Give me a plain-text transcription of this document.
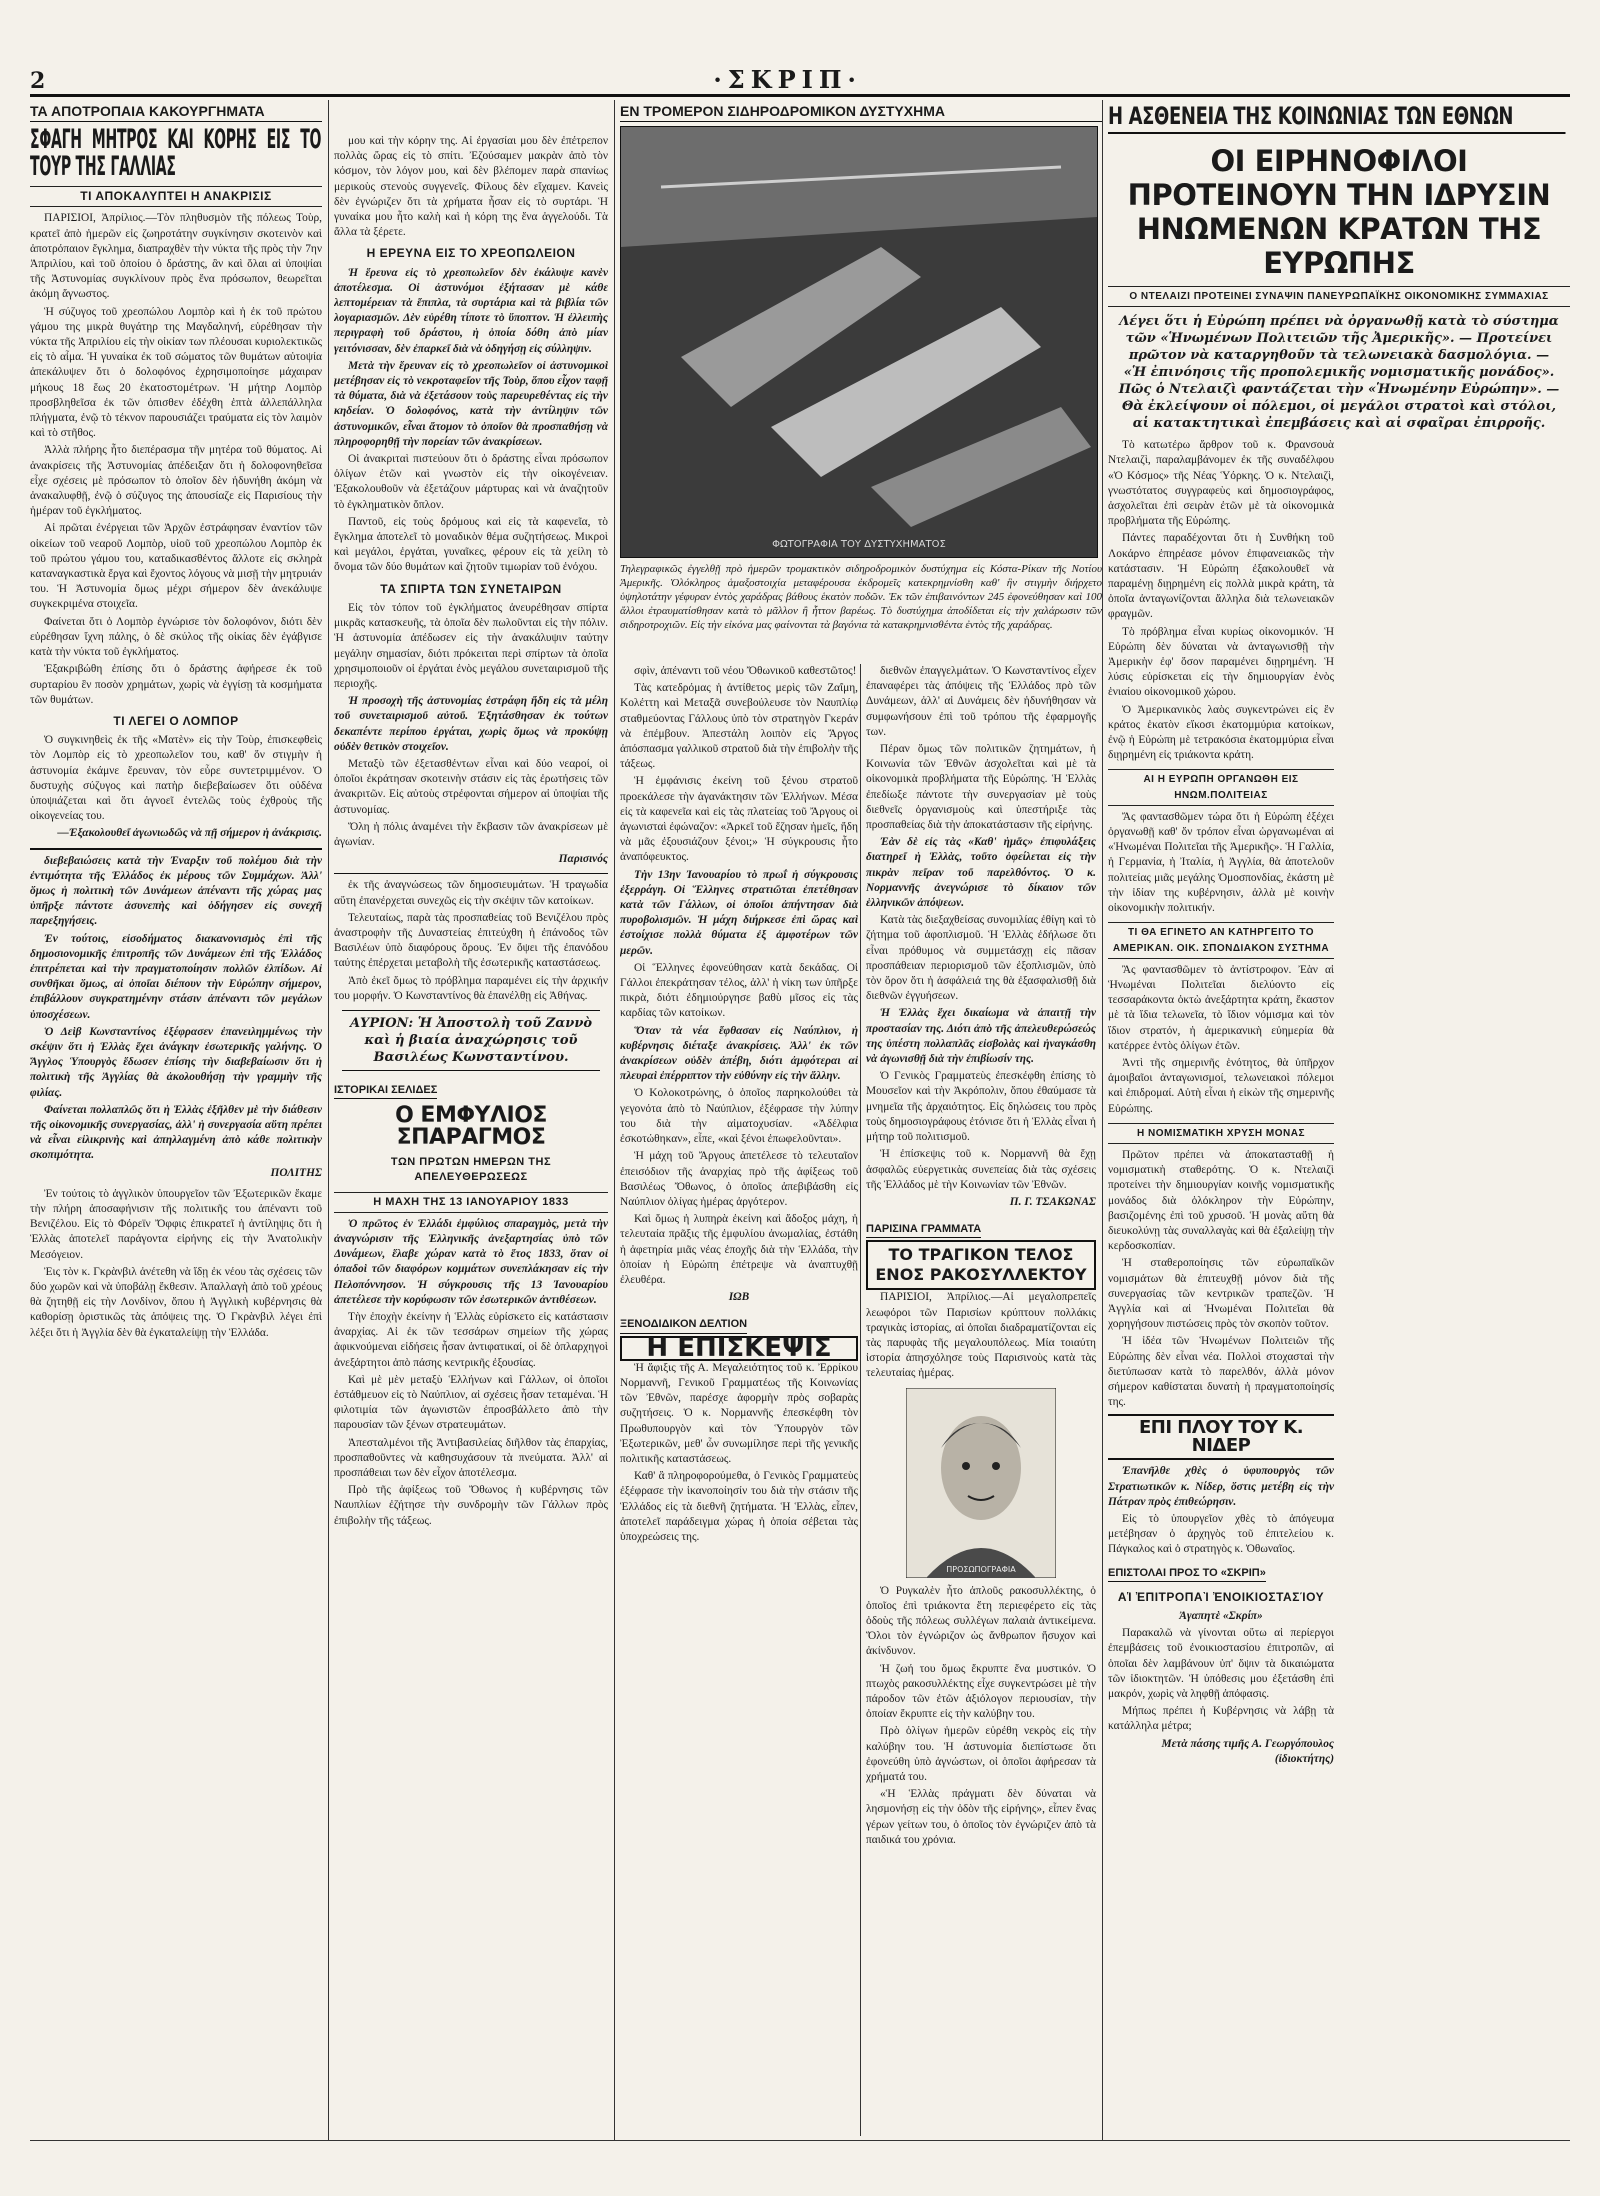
2	·ΣΚΡΙΠ·
ΤΑ ΑΠΟΤΡΟΠΑΙΑ ΚΑΚΟΥΡΓΗΜΑΤΑ
ΣΦΑΓΗ ΜΗΤΡΟΣ ΚΑΙ ΚΟΡΗΣ ΕΙΣ ΤΟ ΤΟΥΡ ΤΗΣ ΓΑΛΛΙΑΣ
ΤΙ ΑΠΟΚΑΛΥΠΤΕΙ Η ΑΝΑΚΡΙΣΙΣ

ΠΑΡΙΣΙΟΙ, Ἀπρίλιος.—Τὸν πληθυσμὸν τῆς πόλεως Τοὺρ, κρατεῖ ἀπὸ ἡμερῶν εἰς ζωηροτάτην συγκίνησιν σκοτεινὸν καὶ ἀποτρόπαιον ἔγκλημα, διαπραχθὲν τὴν νύκτα τῆς πρὸς τὴν 7ην Ἀπριλίου, καὶ τοῦ ὁποίου ὁ δράστης, ἂν καὶ ὅλαι αἱ ὑποψίαι τῆς Ἀστυνομίας συγκλίνουν πρὸς ἕνα πρόσωπον, θεωρεῖται ἀκόμη ἄγνωστος.

Ἡ σύζυγος τοῦ χρεοπώλου Λομπὸρ καὶ ἡ ἐκ τοῦ πρώτου γάμου της μικρὰ θυγάτηρ της Μαγδαληνή, εὑρέθησαν τὴν νύκτα τῆς Ἀπριλίου εἰς τὴν οἰκίαν των πλέουσαι κυριολεκτικῶς εἰς τὸ αἷμα. Ἡ γυναίκα ἐκ τοῦ σώματος τῶν θυμάτων αὐτοψία ἀπεκάλυψεν ὅτι ὁ δολοφόνος ἐχρησιμοποίησε μάχαιραν μήκους 18 ἕως 20 ἑκατοστομέτρων. Ἡ μήτηρ Λομπὸρ προσβληθεῖσα ἐκ τῶν ὀπισθεν ἐδέχθη ἑπτὰ ἀλλεπάλληλα πλήγματα, ἐνῷ τὸ τέκνον παρουσιάζει τραύματα εἰς τὸν λαιμὸν καὶ τὸ στῆθος.

Ἀλλὰ πλήρης ἦτο διεπέρασμα τῆν μητέρα τοῦ θύματος. Αἱ ἀνακρίσεις τῆς Ἀστυνομίας ἀπέδειξαν ὅτι ἡ δολοφονηθεῖσα εἶχε σχέσεις μὲ πρόσωπον τὸ ὁποῖον δὲν ἠδυνήθη ἀκόμη νὰ ἀνακαλυφθῇ, ἐνῷ ὁ σύζυγος της ἀπουσίαζε εἰς Παρισίους τὴν ἡμέραν τοῦ ἐγκλήματος.

Αἱ πρῶται ἐνέργειαι τῶν Ἀρχῶν ἐστράφησαν ἐναντίον τῶν οἰκείων τοῦ νεαροῦ Λομπὸρ, υἱοῦ τοῦ χρεοπώλου Λομπὸρ ἐκ τοῦ πρώτου γάμου του, καταδικασθέντος ἄλλοτε εἰς σκληρὰ καταναγκαστικὰ ἔργα καὶ ἔχοντος λόγους νὰ μισῇ τὴν μητρυιάν του. Ἡ Ἀστυνομία ὅμως μέχρι σήμερον δὲν ἀνεκάλυψε συγκεκριμένα στοιχεῖα.

Φαίνεται ὅτι ὁ Λομπὸρ ἐγνώρισε τὸν δολοφόνον, διότι δὲν εὑρέθησαν ἴχνη πάλης, ὁ δὲ σκύλος τῆς οἰκίας δὲν ἐγάβγισε κατὰ τὴν νύκτα τοῦ ἐγκλήματος.

Ἐξακριβώθη ἐπίσης ὅτι ὁ δράστης ἀφήρεσε ἐκ τοῦ συρταρίου ἓν ποσὸν χρημάτων, χωρὶς νὰ ἐγγίσῃ τὰ κοσμήματα τῶν θυμάτων.

ΤΙ ΛΕΓΕΙ Ο ΛΟΜΠΟΡ

Ὁ συγκινηθεὶς ἐκ τῆς «Ματὲν» εἰς τὴν Τοὺρ, ἐπισκεφθεὶς τὸν Λομπὸρ εἰς τὸ χρεοπωλεῖον του, καθ' ὅν στιγμὴν ἡ ἀστυνομία ἐκάμνε ἔρευναν, τὸν εὗρε συντετριμμένον. Ὁ δυστυχὴς σύζυγος καὶ πατὴρ διεβεβαίωσεν ὅτι οὐδένα ὑποψιάζεται καὶ ὅτι ἀγνοεῖ ἐντελῶς τοὺς ἐχθροὺς τῆς οἰκογενείας του.

—Ἐξακολουθεῖ ἀγωνιωδῶς νὰ πῇ σήμερον ἡ ἀνάκρισις.

διεβεβαιώσεις κατὰ τὴν Ἐναρξιν τοῦ πολέμου διὰ τὴν ἐντιμότητα τῆς Ἑλλάδος ἐκ μέρους τῶν Συμμάχων. Ἀλλ' ὅμως ἡ πολιτικὴ τῶν Δυνάμεων ἀπέναντι τῆς χώρας μας ὑπῆρξε πάντοτε ἀσυνεπὴς καὶ ὁδήγησεν εἰς συνεχῆ παρεξηγήσεις.

Ἐν τούτοις, εἰσοδήματος διακανονισμὸς ἐπὶ τῆς δημοσιονομικῆς ἐπιτροπῆς τῶν Δυνάμεων ἐπὶ τῆς Ἑλλάδος ἐπιτρέπεται καὶ τὴν πραγματοποίησιν πολλῶν ἐλπίδων. Αἱ συνθῆκαι ὅμως, αἱ ὁποῖαι διέπουν τὴν Εὐρώπην σήμερον, ἐπιβάλλουν συγκρατημένην στάσιν ἀπέναντι τῶν μεγάλων ὑποσχέσεων.

Ὁ Δεὶβ Κωνσταντίνος ἐξέφρασεν ἐπανειλημμένως τὴν σκέψιν ὅτι ἡ Ἑλλὰς ἔχει ἀνάγκην ἐσωτερικῆς γαλήνης. Ὁ Ἄγγλος Ὑπουργὸς ἔδωσεν ἐπίσης τὴν διαβεβαίωσιν ὅτι ἡ πολιτικὴ τῆς Ἀγγλίας θὰ ἀκολουθήσῃ τὴν γραμμὴν τῆς φιλίας.

Φαίνεται πολλαπλῶς ὅτι ἡ Ἑλλὰς ἐξῆλθεν μὲ τὴν διάθεσιν τῆς οἰκονομικῆς συνεργασίας, ἀλλ' ἡ συνεργασία αὕτη πρέπει νὰ εἶναι εἰλικρινὴς καὶ ἀπηλλαγμένη ἀπὸ κάθε πολιτικὴν σκοπιμότητα.

ΠΟΛΙΤΗΣ

Ἐν τούτοις τὸ ἀγγλικὸν ὑπουργεῖον τῶν Ἐξωτερικῶν ἔκαμε τὴν πλήρη ἀποσαφήνισιν τῆς πολιτικῆς του ἀπέναντι τοῦ Βενιζέλου. Εἰς τὸ Φόρεϊν Ὄφφις ἐπικρατεῖ ἡ ἀντίληψις ὅτι ἡ Ἑλλὰς ἀποτελεῖ παράγοντα εἰρήνης εἰς τὴν Ἀνατολικὴν Μεσόγειον.

Ἐις τὸν κ. Γκρὰνβιλ ἀνέτεθη νὰ ἴδῃ ἐκ νέου τὰς σχέσεις τῶν δύο χωρῶν καὶ νὰ ὑποβάλῃ ἔκθεσιν. Ἀπαλλαγὴ ἀπὸ τοῦ χρέους θὰ ζητηθῇ εἰς τὴν Λονδίνον, ὅπου ἡ Ἀγγλικὴ κυβέρνησις θὰ καθορίσῃ ὁριστικῶς τὰς ἀπόψεις της. Ὁ Γκρὰνβιλ λέγει ἐπὶ λέξει ὅτι ἡ Ἀγγλία δὲν θὰ ἐγκαταλείψῃ τὴν Ἑλλάδα.

μου καὶ τὴν κόρην της. Αἱ ἐργασίαι μου δὲν ἐπέτρεπον πολλὰς ὥρας εἰς τὸ σπίτι. Ἐζούσαμεν μακρὰν ἀπὸ τὸν κόσμον, τὸν λόγον μου, καὶ δὲν βλέπομεν παρὰ σπανίως μερικοὺς στενοὺς συγγενεῖς. Φίλους δὲν εἴχαμεν. Κανεὶς δὲν ἐγνώριζεν ὅτι τὰ χρήματα ἦσαν εἰς τὸ συρτάρι. Ἡ γυναίκα μου ἦτο καλὴ καὶ ἡ κόρη της ἕνα ἀγγελούδι. Τὰ ἄλλα τὰ ξέρετε.

Η ΕΡΕΥΝΑ ΕΙΣ ΤΟ ΧΡΕΟΠΩΛΕΙΟΝ

Ἡ ἔρευνα εἰς τὸ χρεοπωλεῖον δὲν ἐκάλυψε κανὲν ἀποτέλεσμα. Οἱ ἀστυνόμοι ἐξήτασαν μὲ κάθε λεπτομέρειαν τὰ ἔπιπλα, τὰ συρτάρια καὶ τὰ βιβλία τῶν λογαριασμῶν. Δὲν εὑρέθη τίποτε τὸ ὕποπτον. Ἡ ἐλλειπὴς περιγραφὴ τοῦ δράστου, ἡ ὁποία δόθη ἀπὸ μίαν γειτόνισσαν, δὲν ἐπαρκεῖ διὰ νὰ ὁδηγήσῃ εἰς σύλληψιν.

Μετὰ τὴν ἔρευναν εἰς τὸ χρεοπωλεῖον οἱ ἀστυνομικοὶ μετέβησαν εἰς τὸ νεκροταφεῖον τῆς Τοὺρ, ὅπου εἶχον ταφῇ τὰ θύματα, διὰ νὰ ἐξετάσουν τοὺς παρευρεθέντας εἰς τὴν κηδείαν. Ὁ δολοφόνος, κατὰ τὴν ἀντίληψιν τῶν ἀστυνομικῶν, εἶναι ἄτομον τὸ ὁποῖον θὰ προσπαθήσῃ νὰ πληροφορηθῇ τὴν πορείαν τῶν ἀνακρίσεων.

Οἱ ἀνακριταὶ πιστεύουν ὅτι ὁ δράστης εἶναι πρόσωπον ὀλίγων ἐτῶν καὶ γνωστὸν εἰς τὴν οἰκογένειαν. Ἐξακολουθοῦν νὰ ἐξετάζουν μάρτυρας καὶ νὰ ἀναζητοῦν τὸ ἐγκληματικὸν ὅπλον.

Παντοῦ, εἰς τοὺς δρόμους καὶ εἰς τὰ καφενεῖα, τὸ ἔγκλημα ἀποτελεῖ τὸ μοναδικὸν θέμα συζητήσεως. Μικροὶ καὶ μεγάλοι, ἐργάται, γυναῖκες, φέρουν εἰς τὰ χείλη τὸ ὄνομα τῶν δύο θυμάτων καὶ ζητοῦν τιμωρίαν τοῦ ἐνόχου.

ΤΑ ΣΠΙΡΤΑ ΤΩΝ ΣΥΝΕΤΑΙΡΩΝ

Εἰς τὸν τόπον τοῦ ἐγκλήματος ἀνευρέθησαν σπίρτα μικρᾶς κατασκευῆς, τὰ ὁποῖα δὲν πωλοῦνται εἰς τὴν πόλιν. Ἡ ἀστυνομία ἀπέδωσεν εἰς τὴν ἀνακάλυψιν ταύτην μεγάλην σημασίαν, διότι πρόκειται περὶ σπίρτων τὰ ὁποῖα χρησιμοποιοῦν οἱ ἐργάται ἐνὸς μεγάλου συνεταιρισμοῦ τῆς περιοχῆς.

Ἡ προσοχὴ τῆς ἀστυνομίας ἐστράφη ἤδη εἰς τὰ μέλη τοῦ συνεταιρισμοῦ αὐτοῦ. Ἐξητάσθησαν ἐκ τούτων δεκαπέντε περίπου ἐργάται, χωρὶς ὅμως νὰ προκύψῃ οὐδὲν θετικὸν στοιχεῖον.

Μεταξὺ τῶν ἐξετασθέντων εἶναι καὶ δύο νεαροί, οἱ ὁποῖοι ἐκράτησαν σκοτεινὴν στάσιν εἰς τὰς ἐρωτήσεις τῶν ἀνακριτῶν. Εἰς αὐτοὺς στρέφονται σήμερον αἱ ὑποψίαι τῆς ἀστυνομίας.

Ὅλη ἡ πόλις ἀναμένει τὴν ἔκβασιν τῶν ἀνακρίσεων μὲ ἀγωνίαν.

Παρισινός

ἐκ τῆς ἀναγνώσεως τῶν δημοσιευμάτων. Ἡ τραγωδία αὕτη ἐπανέρχεται συνεχῶς εἰς τὴν σκέψιν τῶν κατοίκων.

Τελευταίως, παρὰ τὰς προσπαθείας τοῦ Βενιζέλου πρὸς ἀναστροφὴν τῆς Δυναστείας ἐπιτεύχθη ἡ ἐπάνοδος τῶν Βασιλέων ὑπὸ διαφόρους ὅρους. Ἐν ὄψει τῆς ἐπανόδου ταύτης ἐπέρχεται μεταβολὴ τῆς ἐσωτερικῆς καταστάσεως.

Ἀπὸ ἐκεῖ ὅμως τὸ πρόβλημα παραμένει εἰς τὴν ἀρχικήν του μορφήν. Ὁ Κωνσταντίνος θὰ ἐπανέλθῃ εἰς Ἀθήνας.

ΑΥΡΙΟΝ: Ἡ Ἀποστολὴ τοῦ Ζαννὸ καὶ ἡ βιαία ἀναχώρησις τοῦ Βασιλέως Κωνσταντίνου.
ΙΣΤΟΡΙΚΑΙ ΣΕΛΙΔΕΣ
Ο ΕΜΦΥΛΙΟΣ ΣΠΑΡΑΓΜΟΣ
ΤΩΝ ΠΡΩΤΩΝ ΗΜΕΡΩΝ ΤΗΣ ΑΠΕΛΕΥΘΕΡΩΣΕΩΣ
Η ΜΑΧΗ ΤΗΣ 13 ΙΑΝΟΥΑΡΙΟΥ 1833

Ὁ πρῶτος ἐν Ἑλλάδι ἐμφύλιος σπαραγμὸς, μετὰ τὴν ἀναγνώρισιν τῆς Ἑλληνικῆς ἀνεξαρτησίας ὑπὸ τῶν Δυνάμεων, ἔλαβε χώραν κατὰ τὸ ἔτος 1833, ὅταν οἱ ὀπαδοὶ τῶν διαφόρων κομμάτων συνεπλάκησαν εἰς τὴν Πελοπόννησον. Ἡ σύγκρουσις τῆς 13 Ἰανουαρίου ἀπετέλεσε τὴν κορύφωσιν τῶν ἐσωτερικῶν ἀντιθέσεων.

Τὴν ἐποχὴν ἐκείνην ἡ Ἑλλὰς εὑρίσκετο εἰς κατάστασιν ἀναρχίας. Αἱ ἐκ τῶν τεσσάρων σημείων τῆς χώρας ἀφικνούμεναι εἰδήσεις ἦσαν ἀντιφατικαί, οἱ δὲ ὁπλαρχηγοὶ ἀνεξάρτητοι ἀπὸ πάσης κεντρικῆς ἐξουσίας.

Καὶ μὲ μὲν μεταξὺ Ἑλλήνων καὶ Γάλλων, οἱ ὁποῖοι ἐστάθμευον εἰς τὸ Ναύπλιον, αἱ σχέσεις ἦσαν τεταμέναι. Ἡ φιλοτιμία τῶν ἀγωνιστῶν ἐπροσβάλλετο ἀπὸ τὴν παρουσίαν τῶν ξένων στρατευμάτων.

Ἀπεσταλμένοι τῆς Ἀντιβασιλείας διῆλθον τὰς ἐπαρχίας, προσπαθοῦντες νὰ καθησυχάσουν τὰ πνεύματα. Ἀλλ' αἱ προσπάθειαι των δὲν εἶχον ἀποτέλεσμα.

Πρὸ τῆς ἀφίξεως τοῦ Ὄθωνος ἡ κυβέρνησις τῶν Ναυπλίων ἐζήτησε τὴν συνδρομὴν τῶν Γάλλων πρὸς ἐπιβολὴν τῆς τάξεως.

ΕΝ ΤΡΟΜΕΡΟΝ ΣΙΔΗΡΟΔΡΟΜΙΚΟΝ ΔΥΣΤΥΧΗΜΑ
ΦΩΤΟΓΡΑΦΙΑ ΤΟΥ ΔΥΣΤΥΧΗΜΑΤΟΣ
Τηλεγραφικῶς ἐγγελθῇ πρὸ ἡμερῶν τρομακτικὸν σιδηροδρομικὸν δυστύχημα εἰς Κόστα-Ρίκαν τῆς Νοτίου Ἀμερικῆς. Ὁλόκληρος ἁμαξοστοιχία μεταφέρουσα ἐκδρομεῖς κατεκρημνίσθη καθ' ἣν στιγμὴν διήρχετο ὑψηλοτάτην γέφυραν ἐντὸς χαράδρας βάθους ἑκατὸν ποδῶν. Ἐκ τῶν ἐπιβαινόντων 245 ἐφονεύθησαν καὶ 100 ἄλλοι ἐτραυματίσθησαν κατὰ τὸ μᾶλλον ἢ ἧττον βαρέως. Τὸ δυστύχημα ἀποδίδεται εἰς τὴν χαλάρωσιν τῶν σιδηροτροχιῶν. Εἰς τὴν εἰκόνα μας φαίνονται τὰ βαγόνια τὰ κατακρημνισθέντα ἐντὸς τῆς χαράδρας.

σφὶν, ἀπέναντι τοῦ νέου Ὄθωνικοῦ καθεστῶτος!

Τὰς κατεδρόμας ἡ ἀντίθετος μερὶς τῶν Ζαΐμη, Κολέττη καὶ Μεταξᾶ συνεβούλευσε τὸν Ναυπλίῳ σταθμεύοντας Γάλλους ὑπὸ τὸν στρατηγὸν Γκεράν νὰ ἐπέμβουν. Ἀπεστάλη λοιπὸν εἰς Ἄργος ἀπόσπασμα γαλλικοῦ στρατοῦ διὰ τὴν ἐπιβολὴν τῆς τάξεως.

Ἡ ἐμφάνισις ἐκείνη τοῦ ξένου στρατοῦ προεκάλεσε τὴν ἀγανάκτησιν τῶν Ἑλλήνων. Μέσα εἰς τὰ καφενεῖα καὶ εἰς τὰς πλατείας τοῦ Ἄργους οἱ ἀγωνισταὶ ἐφώναζον: «Ἀρκεῖ τοῦ ἔζησαν ἡμεῖς, ἤδη νὰ μᾶς ἐξουσιάζουν ξένοι;» Ἡ σύγκρουσις ἦτο ἀναπόφευκτος.

Τὴν 13ην Ἰανουαρίου τὸ πρωΐ ἡ σύγκρουσις ἐξερράγη. Οἱ Ἕλληνες στρατιῶται ἐπετέθησαν κατὰ τῶν Γάλλων, οἱ ὁποῖοι ἀπήντησαν διὰ πυροβολισμῶν. Ἡ μάχη διήρκεσε ἐπὶ ὥρας καὶ ἐστοίχισε πολλὰ θύματα ἐξ ἀμφοτέρων τῶν μερῶν.

Οἱ Ἕλληνες ἐφονεύθησαν κατὰ δεκάδας. Οἱ Γάλλοι ἐπεκράτησαν τέλος, ἀλλ' ἡ νίκη των ὑπῆρξε πικρὰ, διότι ἐδημιούργησε βαθὺ μῖσος εἰς τὰς καρδίας τῶν κατοίκων.

Ὅταν τὰ νέα ἔφθασαν εἰς Ναύπλιον, ἡ κυβέρνησις διέταξε ἀνακρίσεις. Ἀλλ' ἐκ τῶν ἀνακρίσεων οὐδὲν ἀπέβη, διότι ἀμφότεραι αἱ πλευραὶ ἐπέρριπτον τὴν εὐθύνην εἰς τὴν ἄλλην.

Ὁ Κολοκοτρώνης, ὁ ὁποῖος παρηκολούθει τὰ γεγονότα ἀπὸ τὸ Ναύπλιον, ἐξέφρασε τὴν λύπην του διὰ τὴν αἱματοχυσίαν. «Ἀδέλφια ἐσκοτώθηκαν», εἶπε, «καὶ ξένοι ἐπωφελοῦνται».

Ἡ μάχη τοῦ Ἄργους ἀπετέλεσε τὸ τελευταῖον ἐπεισόδιον τῆς ἀναρχίας πρὸ τῆς ἀφίξεως τοῦ Βασιλέως Ὄθωνος, ὁ ὁποῖος ἀπεβιβάσθη εἰς Ναύπλιον ὀλίγας ἡμέρας ἀργότερον.

Καὶ ὅμως ἡ λυπηρὰ ἐκείνη καὶ ἄδοξος μάχη, ἡ τελευταία πρᾶξις τῆς ἐμφυλίου ἀνωμαλίας, ἐστάθη ἡ ἀφετηρία μιᾶς νέας ἐποχῆς διὰ τὴν Ἑλλάδα, τὴν ὁποίαν ἡ Εὐρώπη ἐπέτρεψε νὰ ἀναπτυχθῇ ἐλευθέρα.

ΙΩΒ
ΞΕΝΟΔΙΔΙΚΟΝ ΔΕΛΤΙΟΝ
Η ΕΠΙΣΚΕΨΙΣ

Ἡ ἄφιξις τῆς Α. Μεγαλειότητος τοῦ κ. Ἐρρίκου Νορμαννῆ, Γενικοῦ Γραμματέως τῆς Κοινωνίας τῶν Ἐθνῶν, παρέσχε ἀφορμὴν πρὸς σοβαρὰς συζητήσεις. Ὁ κ. Νορμαννῆς ἐπεσκέφθη τὸν Πρωθυπουργὸν καὶ τὸν Ὑπουργὸν τῶν Ἐξωτερικῶν, μεθ' ὧν συνωμίλησε περὶ τῆς γενικῆς πολιτικῆς καταστάσεως.

Καθ' ἃ πληροφορούμεθα, ὁ Γενικὸς Γραμματεὺς ἐξέφρασε τὴν ἱκανοποίησίν του διὰ τὴν στάσιν τῆς Ἑλλάδος εἰς τὰ διεθνῆ ζητήματα. Ἡ Ἑλλὰς, εἶπεν, ἀποτελεῖ παράδειγμα χώρας ἡ ὁποία σέβεται τὰς ὑποχρεώσεις της.

διεθνῶν ἐπαγγελμάτων. Ὁ Κωνσταντίνος εἶχεν ἐπαναφέρει τὰς ἀπόψεις τῆς Ἑλλάδος πρὸ τῶν Δυνάμεων, ἀλλ' αἱ Δυνάμεις δὲν ἠδυνήθησαν νὰ συμφωνήσουν ἐπὶ τοῦ τρόπου τῆς ἐφαρμογῆς των.

Πέραν ὅμως τῶν πολιτικῶν ζητημάτων, ἡ Κοινωνία τῶν Ἐθνῶν ἀσχολεῖται καὶ μὲ τὰ οἰκονομικὰ προβλήματα τῆς Εὐρώπης. Ἡ Ἑλλὰς ἐπεδίωξε πάντοτε τὴν συνεργασίαν μὲ τοὺς διεθνεῖς ὀργανισμοὺς καὶ ὑπεστήριξε τὰς προσπαθείας διὰ τὴν ἀποκατάστασιν τῆς εἰρήνης.

Ἐὰν δὲ εἰς τὰς «Καθ' ἡμᾶς» ἐπιφυλάξεις διατηρεῖ ἡ Ἑλλὰς, τοῦτο ὀφείλεται εἰς τὴν πικρὰν πεῖραν τοῦ παρελθόντος. Ὁ κ. Νορμαννῆς ἀνεγνώρισε τὸ δίκαιον τῶν ἑλληνικῶν ἀπόψεων.

Κατὰ τὰς διεξαχθείσας συνομιλίας ἐθίγη καὶ τὸ ζήτημα τοῦ ἀφοπλισμοῦ. Ἡ Ἑλλὰς ἐδήλωσε ὅτι εἶναι πρόθυμος νὰ συμμετάσχῃ εἰς πᾶσαν προσπάθειαν περιορισμοῦ τῶν ἐξοπλισμῶν, ὑπὸ τὸν ὅρον ὅτι ἡ ἀσφάλειά της θὰ ἐξασφαλισθῇ διὰ διεθνῶν ἐγγυήσεων.

Ἡ Ἑλλὰς ἔχει δικαίωμα νὰ ἀπαιτῇ τὴν προστασίαν της. Διότι ἀπὸ τῆς ἀπελευθερώσεώς της ὑπέστη πολλαπλᾶς εἰσβολὰς καὶ ἠναγκάσθη νὰ ἀγωνισθῇ διὰ τὴν ἐπιβίωσίν της.

Ὁ Γενικὸς Γραμματεὺς ἐπεσκέφθη ἐπίσης τὸ Μουσεῖον καὶ τὴν Ἀκρόπολιν, ὅπου ἐθαύμασε τὰ μνημεῖα τῆς ἀρχαιότητος. Εἰς δηλώσεις του πρὸς τοὺς δημοσιογράφους ἐτόνισε ὅτι ἡ Ἑλλὰς εἶναι ἡ μήτηρ τοῦ πολιτισμοῦ.

Ἡ ἐπίσκεψις τοῦ κ. Νορμαννῆ θὰ ἔχῃ ἀσφαλῶς εὐεργετικὰς συνεπείας διὰ τὰς σχέσεις τῆς Ἑλλάδος μὲ τὴν Κοινωνίαν τῶν Ἐθνῶν.

Π. Γ. ΤΣΑΚΩΝΑΣ
ΠΑΡΙΣΙΝΑ ΓΡΑΜΜΑΤΑ
ΤΟ ΤΡΑΓΙΚΟΝ ΤΕΛΟΣ ΕΝΟΣ ΡΑΚΟΣΥΛΛΕΚΤΟΥ

ΠΑΡΙΣΙΟΙ, Ἀπρίλιος.—Αἱ μεγαλοπρεπεῖς λεωφόροι τῶν Παρισίων κρύπτουν πολλάκις τραγικὰς ἱστορίας, αἱ ὁποῖαι διαδραματίζονται εἰς τὰς παρυφὰς τῆς μεγαλουπόλεως. Μία τοιαύτη ἱστορία ἀπησχόλησε τοὺς Παρισινοὺς κατὰ τὰς τελευταίας ἡμέρας.

ΠΡΟΣΩΠΟΓΡΑΦΙΑ

Ὁ Ρυγκαλὲν ἦτο ἀπλοῦς ρακοσυλλέκτης, ὁ ὁποῖος ἐπὶ τριάκοντα ἔτη περιεφέρετο εἰς τὰς ὁδοὺς τῆς πόλεως συλλέγων παλαιὰ ἀντικείμενα. Ὅλοι τὸν ἐγνώριζον ὡς ἄνθρωπον ἥσυχον καὶ ἀκίνδυνον.

Ἡ ζωή του ὅμως ἔκρυπτε ἕνα μυστικόν. Ὁ πτωχὸς ρακοσυλλέκτης εἶχε συγκεντρώσει μὲ τὴν πάροδον τῶν ἐτῶν ἀξιόλογον περιουσίαν, τὴν ὁποίαν ἔκρυπτε εἰς τὴν καλύβην του.

Πρὸ ὀλίγων ἡμερῶν εὑρέθη νεκρὸς εἰς τὴν καλύβην του. Ἡ ἀστυνομία διεπίστωσε ὅτι ἐφονεύθη ὑπὸ ἀγνώστων, οἱ ὁποῖοι ἀφήρεσαν τὰ χρήματά του.

«Ἡ Ἑλλὰς πράγματι δὲν δύναται νὰ λησμονήσῃ εἰς τὴν ὁδὸν τῆς εἰρήνης», εἶπεν ἕνας γέρων γείτων του, ὁ ὁποῖος τὸν ἐγνώριζεν ἀπὸ τὰ παιδικά του χρόνια.

Η ΑΣΘΕΝΕΙΑ ΤΗΣ ΚΟΙΝΩΝΙΑΣ ΤΩΝ ΕΘΝΩΝ
ΟΙ ΕΙΡΗΝΟΦΙΛΟΙ ΠΡΟΤΕΙΝΟΥΝ ΤΗΝ ΙΔΡΥΣΙΝ ΗΝΩΜΕΝΩΝ ΚΡΑΤΩΝ ΤΗΣ ΕΥΡΩΠΗΣ
Ο ΝΤΕΛΑΙΖΙ ΠΡΟΤΕΙΝΕΙ ΣΥΝΑΨΙΝ ΠΑΝΕΥΡΩΠΑΪΚΗΣ ΟΙΚΟΝΟΜΙΚΗΣ ΣΥΜΜΑΧΙΑΣ
Λέγει ὅτι ἡ Εὐρώπη πρέπει νὰ ὀργανωθῇ κατὰ τὸ σύστημα τῶν «Ἡνωμένων Πολιτειῶν τῆς Ἀμερικῆς». — Προτείνει πρῶτον νὰ καταργηθοῦν τὰ τελωνειακὰ δασμολόγια. — «Ἡ ἐπινόησις τῆς προπολεμικῆς νομισματικῆς μονάδος». Πῶς ὁ Ντελαιζὶ φαντάζεται τὴν «Ἡνωμένην Εὐρώπην». — Θὰ ἐκλείψουν οἱ πόλεμοι, οἱ μεγάλοι στρατοὶ καὶ στόλοι, αἱ κατακτητικαὶ ἐπεμβάσεις καὶ αἱ σφαῖραι ἐπιρροῆς.

Τὸ κατωτέρω ἄρθρον τοῦ κ. Φρανσουὰ Ντελαιζὶ, παραλαμβάνομεν ἐκ τῆς συναδέλφου «Ὁ Κόσμος» τῆς Νέας Ὑόρκης. Ὁ κ. Ντελαιζὶ, γνωστότατος συγγραφεὺς καὶ δημοσιογράφος, ἀσχολεῖται ἐπὶ σειρὰν ἐτῶν μὲ τὰ οἰκονομικὰ προβλήματα τῆς Εὐρώπης.

Πάντες παραδέχονται ὅτι ἡ Συνθήκη τοῦ Λοκάρνο ἐπηρέασε μόνον ἐπιφανειακῶς τὴν κατάστασιν. Ἡ Εὐρώπη ἐξακολουθεῖ νὰ παραμένῃ διῃρημένη εἰς πολλὰ μικρὰ κράτη, τὰ ὁποῖα ἀνταγωνίζονται ἄλληλα διὰ τελωνειακῶν φραγμῶν.

Τὸ πρόβλημα εἶναι κυρίως οἰκονομικόν. Ἡ Εὐρώπη δὲν δύναται νὰ ἀνταγωνισθῇ τὴν Ἀμερικὴν ἐφ' ὅσον παραμένει διῃρημένη. Ἡ λύσις εὑρίσκεται εἰς τὴν δημιουργίαν ἑνὸς ἑνιαίου οἰκονομικοῦ χώρου.

Ὁ Ἀμερικανικὸς λαὸς συγκεντρώνει εἰς ἓν κράτος ἑκατὸν εἴκοσι ἑκατομμύρια κατοίκων, ἐνῷ ἡ Εὐρώπη μὲ τετρακόσια ἑκατομμύρια εἶναι διῃρημένη εἰς τριάκοντα κράτη.

ΑΙ Η ΕΥΡΩΠΗ ΟΡΓΑΝΩΘΗ ΕΙΣ ΗΝΩΜ.ΠΟΛΙΤΕΙΑΣ

Ἄς φαντασθῶμεν τώρα ὅτι ἡ Εὐρώπη ἐξέχει ὀργανωθῇ καθ' ὅν τρόπον εἶναι ὠργανωμέναι αἱ «Ἡνωμέναι Πολιτεῖαι τῆς Ἀμερικῆς». Ἡ Γαλλία, ἡ Γερμανία, ἡ Ἰταλία, ἡ Ἀγγλία, θὰ ἀποτελοῦν πολιτείας μιᾶς μεγάλης Ὁμοσπονδίας, ἑκάστη μὲ τὴν ἰδίαν της κυβέρνησιν, ἀλλὰ μὲ κοινὴν οἰκονομικὴν πολιτικήν.

ΤΙ ΘΑ ΕΓΙΝΕΤΟ ΑΝ ΚΑΤΗΡΓΕΙΤΟ ΤΟ ΑΜΕΡΙΚΑΝ. ΟΙΚ. ΣΠΟΝΔΙΑΚΟΝ ΣΥΣΤΗΜΑ

Ἂς φαντασθῶμεν τὸ ἀντίστροφον. Ἐὰν αἱ Ἡνωμέναι Πολιτεῖαι διελύοντο εἰς τεσσαράκοντα ὀκτὼ ἀνεξάρτητα κράτη, ἕκαστον μὲ τὰ ἴδια τελωνεῖα, τὸ ἴδιον νόμισμα καὶ τὸν ἴδιον στρατόν, ἡ ἀμερικανικὴ εὐημερία θὰ κατέρρεε ἐντὸς ὀλίγων ἐτῶν.

Ἀντὶ τῆς σημερινῆς ἑνότητος, θὰ ὑπῆρχον ἀμοιβαῖοι ἀνταγωνισμοί, τελωνειακοὶ πόλεμοι καὶ ἐπιδρομαί. Αὐτὴ εἶναι ἡ εἰκὼν τῆς σημερινῆς Εὐρώπης.

Η ΝΟΜΙΣΜΑΤΙΚΗ ΧΡΥΣΗ ΜΟΝΑΣ

Πρῶτον πρέπει νὰ ἀποκατασταθῇ ἡ νομισματικὴ σταθερότης. Ὁ κ. Ντελαιζὶ προτείνει τὴν δημιουργίαν κοινῆς νομισματικῆς μονάδος διὰ ὁλόκληρον τὴν Εὐρώπην, βασιζομένης ἐπὶ τοῦ χρυσοῦ. Ἡ μονὰς αὕτη θὰ διευκολύνῃ τὰς συναλλαγὰς καὶ θὰ ἐξαλείψῃ τὴν κερδοσκοπίαν.

Ἡ σταθεροποίησις τῶν εὐρωπαϊκῶν νομισμάτων θὰ ἐπιτευχθῇ μόνον διὰ τῆς συνεργασίας τῶν κεντρικῶν τραπεζῶν. Ἡ Ἀγγλία καὶ αἱ Ἡνωμέναι Πολιτεῖαι θὰ χορηγήσουν πιστώσεις πρὸς τὸν σκοπὸν τοῦτον.

Ἡ ἰδέα τῶν Ἡνωμένων Πολιτειῶν τῆς Εὐρώπης δὲν εἶναι νέα. Πολλοὶ στοχασταὶ τὴν διετύπωσαν κατὰ τὸ παρελθόν, ἀλλὰ μόνον σήμερον καθίσταται δυνατὴ ἡ πραγματοποίησίς της.

ΕΠΙ ΠΛΟΥ ΤΟΥ Κ. ΝΙΔΕΡ

Ἐπανῆλθε χθὲς ὁ ὑφυπουργὸς τῶν Στρατιωτικῶν κ. Νίδερ, ὅστις μετέβη εἰς τὴν Πάτραν πρὸς ἐπιθεώρησιν.

Εἰς τὸ ὑπουργεῖον χθὲς τὸ ἀπόγευμα μετέβησαν ὁ ἀρχηγὸς τοῦ ἐπιτελείου κ. Πάγκαλος καὶ ὁ στρατηγὸς κ. Ὀθωναῖος.

ΕΠΙΣΤΟΛΑΙ ΠΡΟΣ ΤΟ «ΣΚΡΙΠ»
ΑἹ ἘΠΙΤΡΟΠΑῚ ἘΝΟΙΚΙΟΣΤΑΣΊΟΥ

Ἀγαπητὲ «Σκρίπ»

Παρακαλῶ νὰ γίνονται οὕτω αἱ περίεργοι ἐπεμβάσεις τοῦ ἐνοικιοστασίου ἐπιτροπῶν, αἱ ὁποῖαι δὲν λαμβάνουν ὑπ' ὄψιν τὰ δικαιώματα τῶν ἰδιοκτητῶν. Ἡ ὑπόθεσις μου ἐξετάσθη ἐπὶ μακρόν, χωρὶς νὰ ληφθῇ ἀπόφασις.

Μήπως πρέπει ἡ Κυβέρνησις νὰ λάβῃ τὰ κατάλληλα μέτρα;

Μετὰ πάσης τιμῆς Α. Γεωργόπουλος (ἰδιοκτήτης)
